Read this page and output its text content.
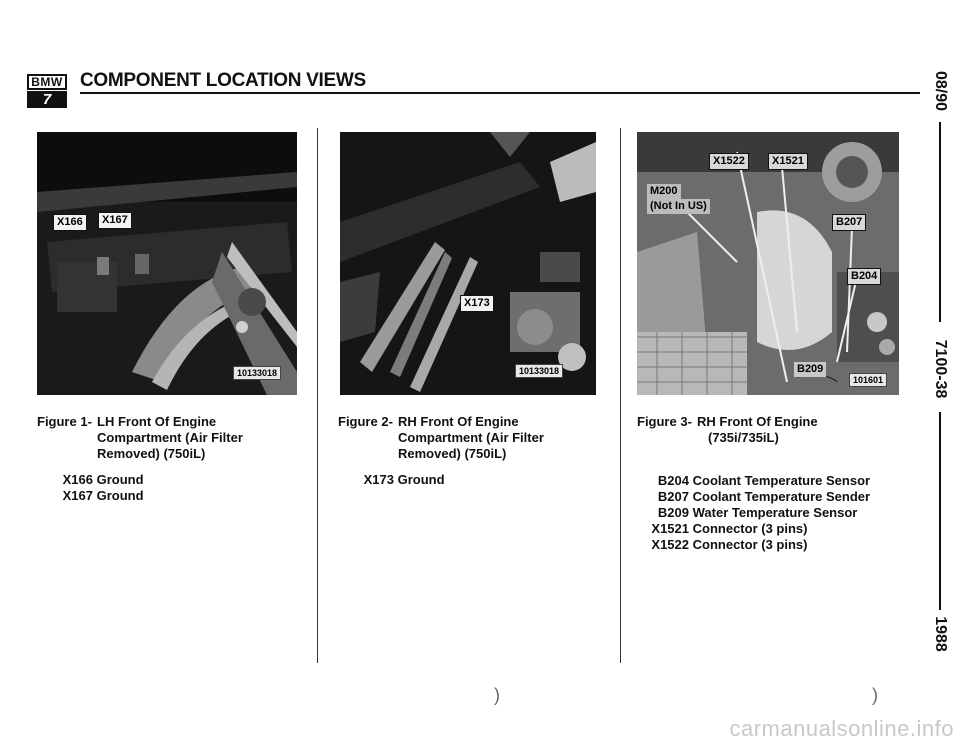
BMW
7
COMPONENT LOCATION VIEWS	08/90
7100-38
1988
X166	X167
10133018
X173
10133018
X1522	X1521
M200
(Not In US)
B207
B204
B209
101601
Figure 1- LH Front Of Engine
Compartment (Air Filter
Removed) (750iL)
X166 Ground
X167 Ground
Figure 2- RH Front Of Engine
Compartment (Air Filter
Removed) (750iL)
X173 Ground
Figure 3- RH Front Of Engine
(735i/735iL)
B204 Coolant Temperature Sensor
B207 Coolant Temperature Sender
B209 Water Temperature Sensor
X1521 Connector (3 pins)
X1522 Connector (3 pins)
)	)
carmanualsonline.info
